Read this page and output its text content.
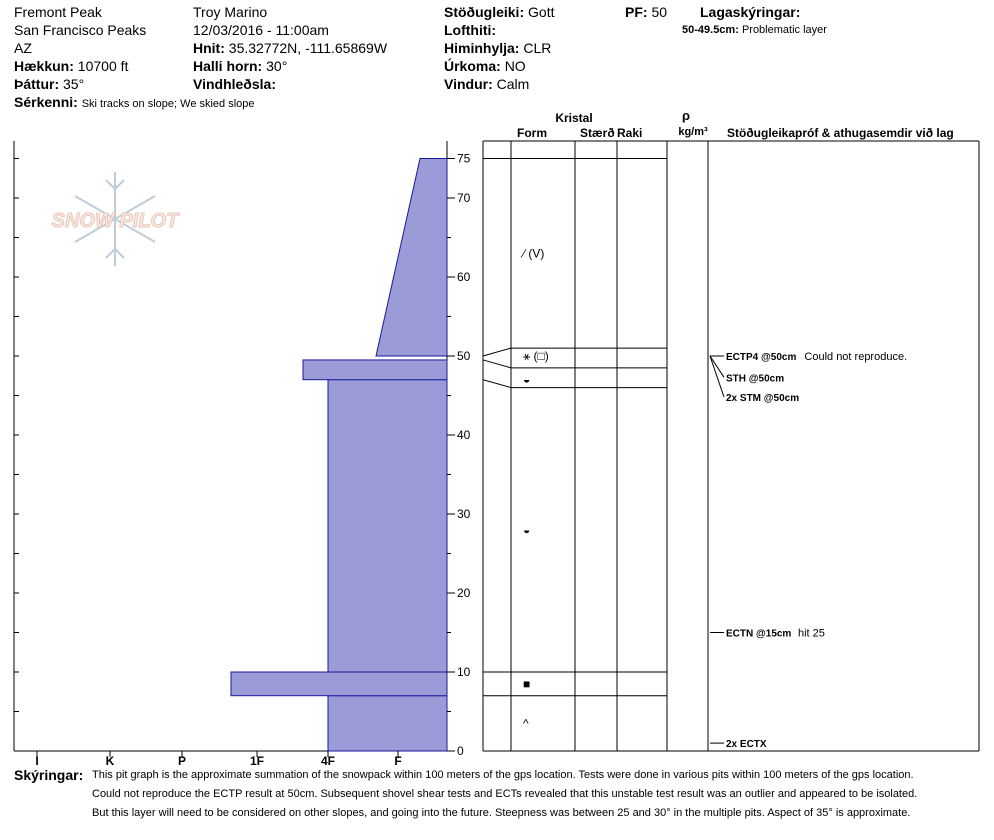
Fremont Peak
San Francisco Peaks
AZ
Hækkun: 10700 ft
Þáttur: 35°
Sérkenni: Ski tracks on slope; We skied slope
Troy Marino
12/03/2016 - 11:00am
Hnit: 35.32772N, -111.65869W
Halli horn: 30°
Vindhleðsla:
Stöðugleiki: Gott
Lofthiti:
Himinhylja: CLR
Úrkoma: NO
Vindur: Calm
PF: 50 Lagaskýringar:
50-49.5cm: Problematic layer
SNOW PILOT
I	K	P	1F	4F	F
0
10
20
30
40
50
60
70
75
Kristal
Form	Stærð Raki
ρ
kg/m³ Stöðugleikapróf & athugasemdir við lag
⁄ (V)
⚹ (□)
◒
◒
■
^
ECTP4 @50cm Could not reproduce.
STH @50cm
2x STM @50cm
ECTN @15cm hit 25
2x ECTX
Skýringar: This pit graph is the approximate summation of the snowpack within 100 meters of the gps location. Tests were done in various pits within 100 meters of the gps location.
Could not reproduce the ECTP result at 50cm. Subsequent shovel shear tests and ECTs revealed that this unstable test result was an outlier and appeared to be isolated.
But this layer will need to be considered on other slopes, and going into the future. Steepness was between 25 and 30° in the multiple pits. Aspect of 35° is approximate.
